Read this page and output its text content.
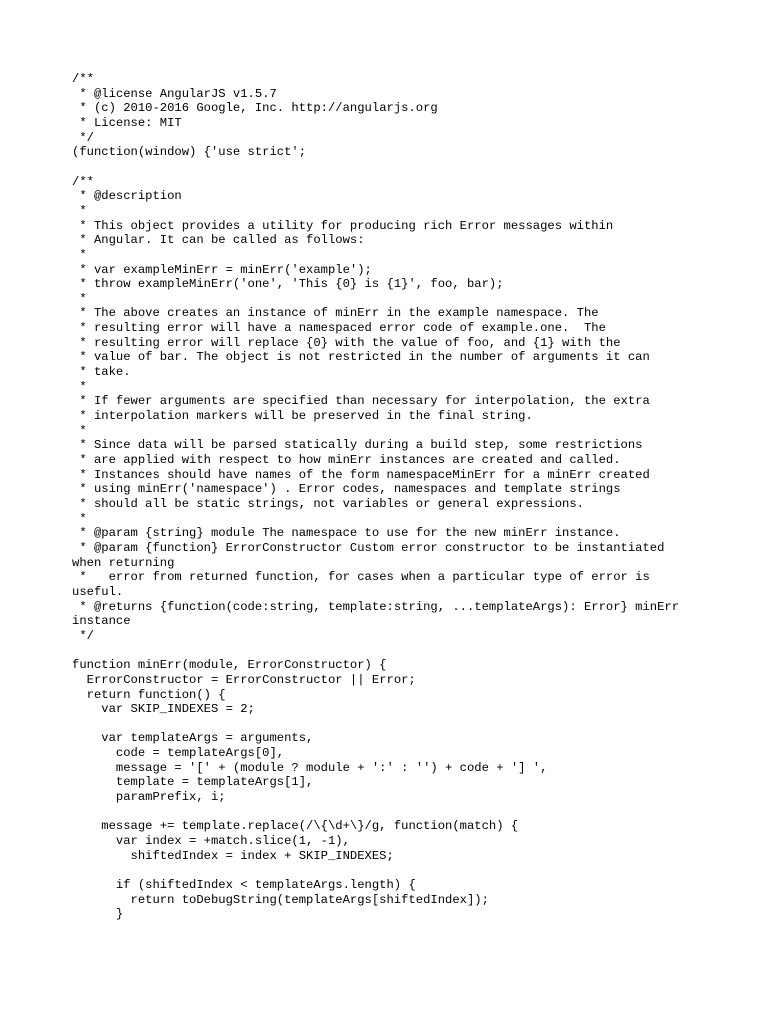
/**
* @license AngularJS v1.5.7
* (c) 2010-2016 Google, Inc. http://angularjs.org
* License: MIT
*/
(function(window) {'use strict';
/**
* @description
*
* This object provides a utility for producing rich Error messages within
* Angular. It can be called as follows:
*
* var exampleMinErr = minErr('example');
* throw exampleMinErr('one', 'This {0} is {1}', foo, bar);
*
* The above creates an instance of minErr in the example namespace. The
* resulting error will have a namespaced error code of example.one.  The
* resulting error will replace {0} with the value of foo, and {1} with the
* value of bar. The object is not restricted in the number of arguments it can
* take.
*
* If fewer arguments are specified than necessary for interpolation, the extra
* interpolation markers will be preserved in the final string.
*
* Since data will be parsed statically during a build step, some restrictions
* are applied with respect to how minErr instances are created and called.
* Instances should have names of the form namespaceMinErr for a minErr created
* using minErr('namespace') . Error codes, namespaces and template strings
* should all be static strings, not variables or general expressions.
*
* @param {string} module The namespace to use for the new minErr instance.
* @param {function} ErrorConstructor Custom error constructor to be instantiated when returning
*   error from returned function, for cases when a particular type of error is useful.
* @returns {function(code:string, template:string, ...templateArgs): Error} minErr instance
*/
function minErr(module, ErrorConstructor) {
ErrorConstructor = ErrorConstructor || Error;
return function() {
var SKIP_INDEXES = 2;
var templateArgs = arguments,
code = templateArgs[0],
message = '[' + (module ? module + ':' : '') + code + '] ',
template = templateArgs[1],
paramPrefix, i;
message += template.replace(/\{\d+\}/g, function(match) {
var index = +match.slice(1, -1),
shiftedIndex = index + SKIP_INDEXES;
if (shiftedIndex < templateArgs.length) {
return toDebugString(templateArgs[shiftedIndex]);
}
